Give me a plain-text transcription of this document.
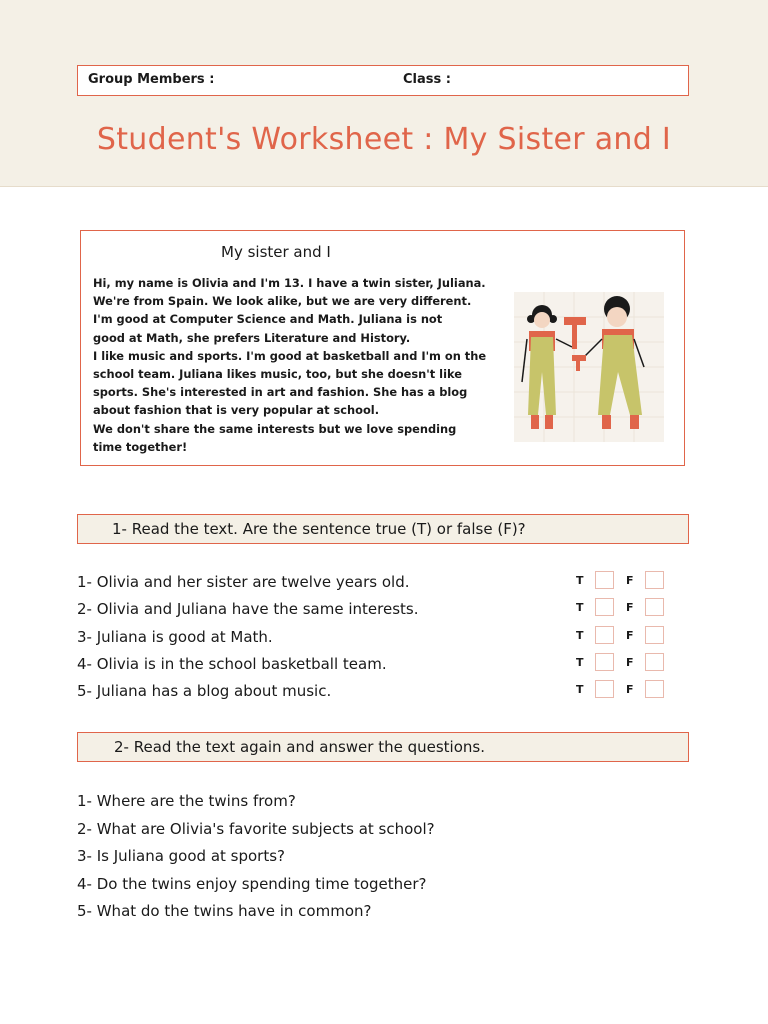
Group Members :	Class :
Student's Worksheet : My Sister and I
My sister and I
Hi, my name is Olivia and I'm 13. I have a twin sister, Juliana.
We're from Spain. We look alike, but we are very different.
I'm good at Computer Science and Math. Juliana is not
good at Math, she prefers Literature and History.
I like music and sports. I'm good at basketball and I'm on the
school team. Juliana likes music, too, but she doesn't like
sports. She's interested in art and fashion. She has a blog
about fashion that is very popular at school.
We don't share the same interests but we love spending
time together!
1- Read the text. Are the sentence true (T) or false (F)?
1- Olivia and her sister are twelve years old.	T	F
2- Olivia and Juliana have the same interests.	T	F
3- Juliana is good at Math.	T	F
4- Olivia is in the school basketball team.	T	F
5- Juliana has a blog about music.	T	F
2- Read the text again and answer the questions.
1- Where are the twins from?
2- What are Olivia's favorite subjects at school?
3- Is Juliana good at sports?
4- Do the twins enjoy spending time together?
5- What do the twins have in common?
